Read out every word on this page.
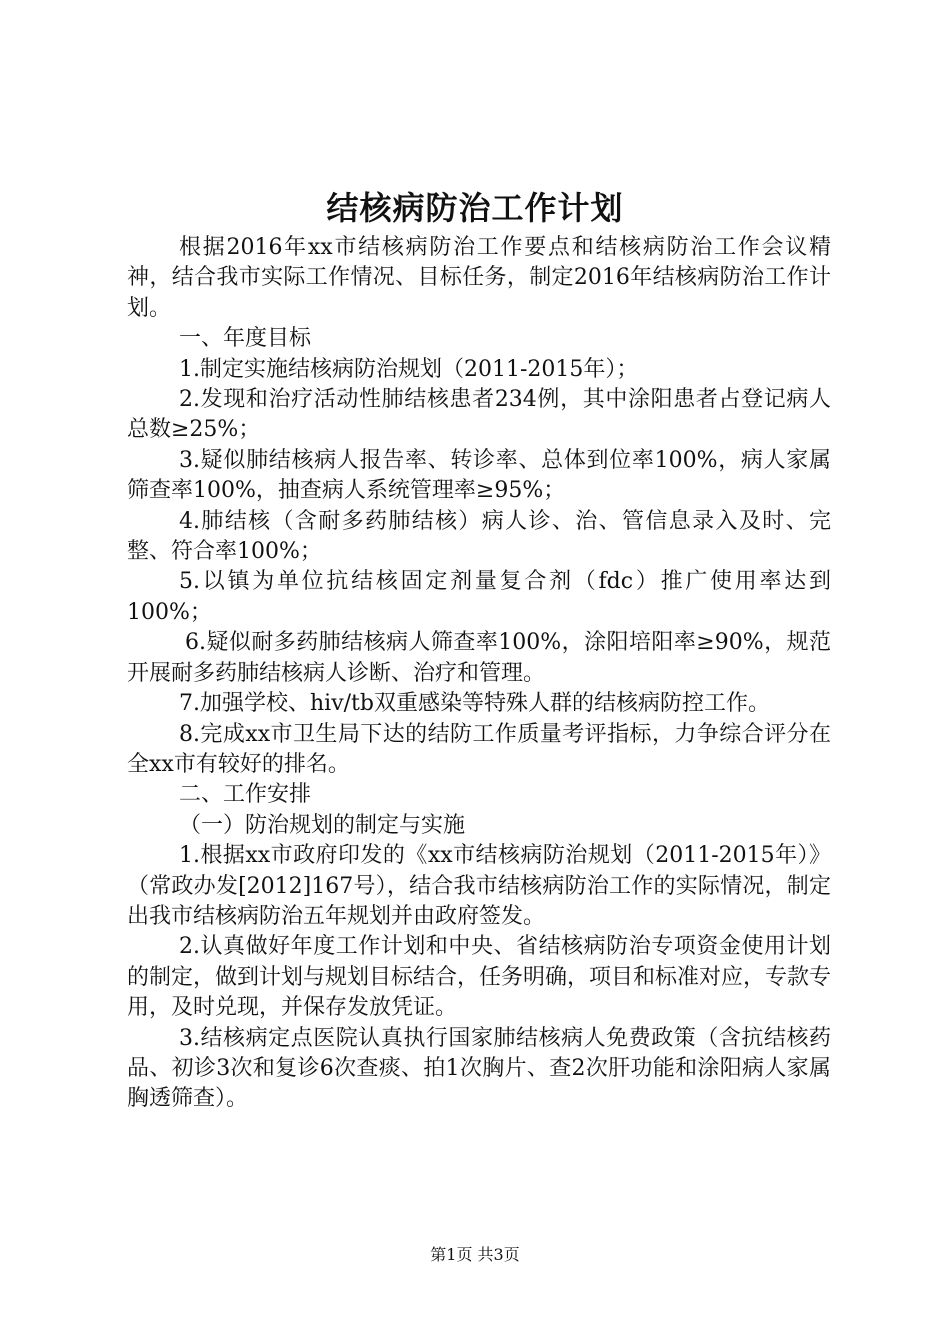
结核病防治工作计划

根据2016年xx市结核病防治工作要点和结核病防治工作会议精神，结合我市实际工作情况、目标任务，制定2016年结核病防治工作计划。

一、年度目标

1.制定实施结核病防治规划（2011-2015年）；

2.发现和治疗活动性肺结核患者234例，其中涂阳患者占登记病人总数≥25%；

3.疑似肺结核病人报告率、转诊率、总体到位率100%，病人家属筛查率100%，抽查病人系统管理率≥95%；

4.肺结核（含耐多药肺结核）病人诊、治、管信息录入及时、完整、符合率100%；

5.以镇为单位抗结核固定剂量复合剂（fdc）推广使用率达到100%；

6.疑似耐多药肺结核病人筛查率100%，涂阳培阳率≥90%，规范开展耐多药肺结核病人诊断、治疗和管理。

7.加强学校、hiv/tb双重感染等特殊人群的结核病防控工作。

8.完成xx市卫生局下达的结防工作质量考评指标，力争综合评分在全xx市有较好的排名。

二、工作安排

（一）防治规划的制定与实施

1.根据xx市政府印发的《xx市结核病防治规划（2011-2015年）》（常政办发[2012]167号），结合我市结核病防治工作的实际情况，制定出我市结核病防治五年规划并由政府签发。

2.认真做好年度工作计划和中央、省结核病防治专项资金使用计划的制定，做到计划与规划目标结合，任务明确，项目和标准对应，专款专用，及时兑现，并保存发放凭证。

3.结核病定点医院认真执行国家肺结核病人免费政策（含抗结核药品、初诊3次和复诊6次查痰、拍1次胸片、查2次肝功能和涂阳病人家属胸透筛查）。

第1页 共3页
